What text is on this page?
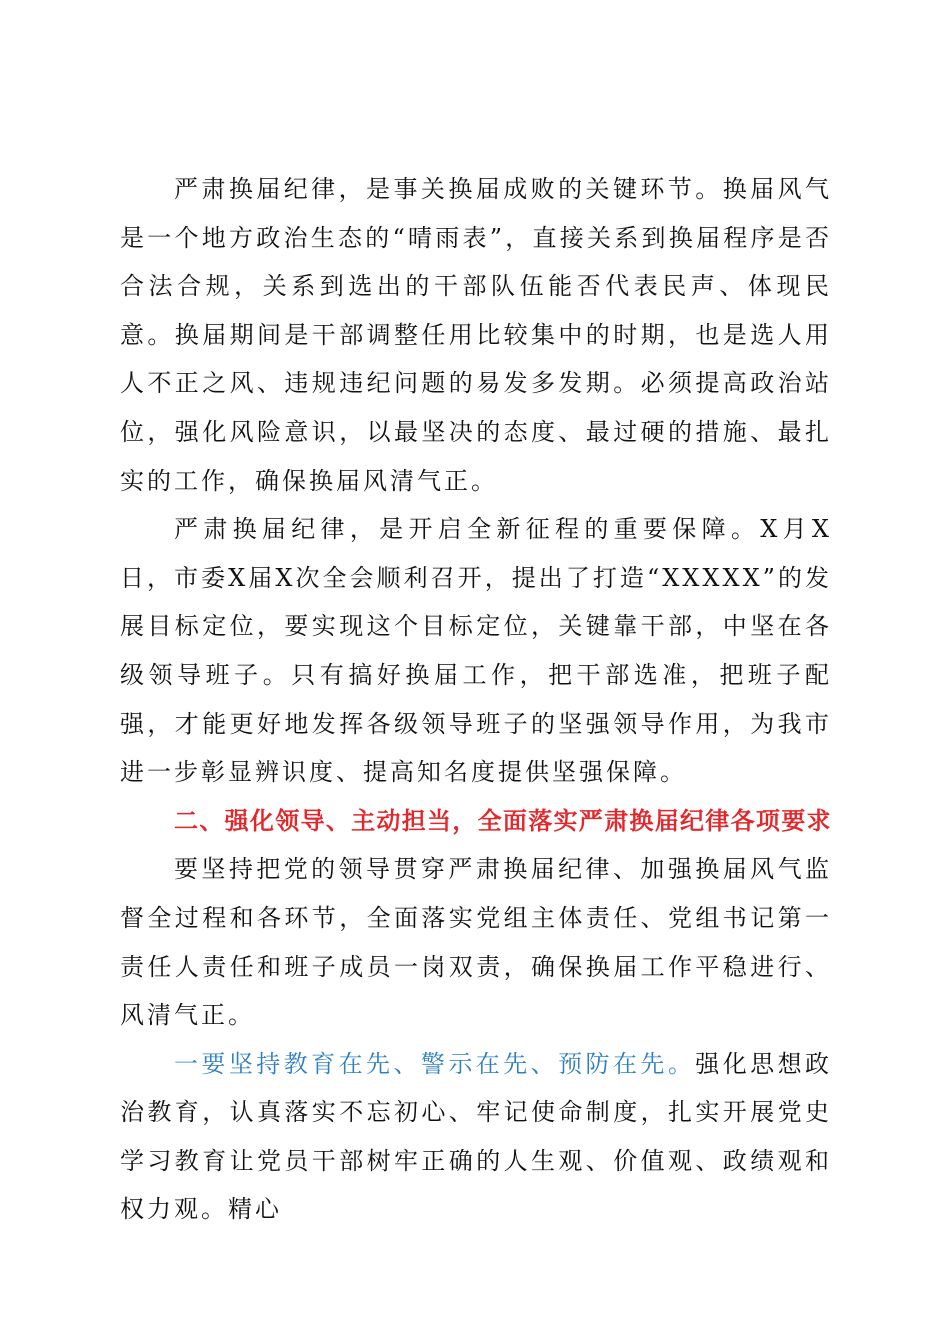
严肃换届纪律，是事关换届成败的关键环节。换届风气是一个地方政治生态的“晴雨表”，直接关系到换届程序是否合法合规，关系到选出的干部队伍能否代表民声、体现民意。换届期间是干部调整任用比较集中的时期，也是选人用人不正之风、违规违纪问题的易发多发期。必须提高政治站位，强化风险意识，以最坚决的态度、最过硬的措施、最扎实的工作，确保换届风清气正。

严肃换届纪律，是开启全新征程的重要保障。X月X日，市委X届X次全会顺利召开，提出了打造“XXXXX”的发展目标定位，要实现这个目标定位，关键靠干部，中坚在各级领导班子。只有搞好换届工作，把干部选准，把班子配强，才能更好地发挥各级领导班子的坚强领导作用，为我市进一步彰显辨识度、提高知名度提供坚强保障。

二、强化领导、主动担当，全面落实严肃换届纪律各项要求

要坚持把党的领导贯穿严肃换届纪律、加强换届风气监督全过程和各环节，全面落实党组主体责任、党组书记第一责任人责任和班子成员一岗双责，确保换届工作平稳进行、风清气正。

一要坚持教育在先、警示在先、预防在先。强化思想政治教育，认真落实不忘初心、牢记使命制度，扎实开展党史学习教育让党员干部树牢正确的人生观、价值观、政绩观和权力观。精心
